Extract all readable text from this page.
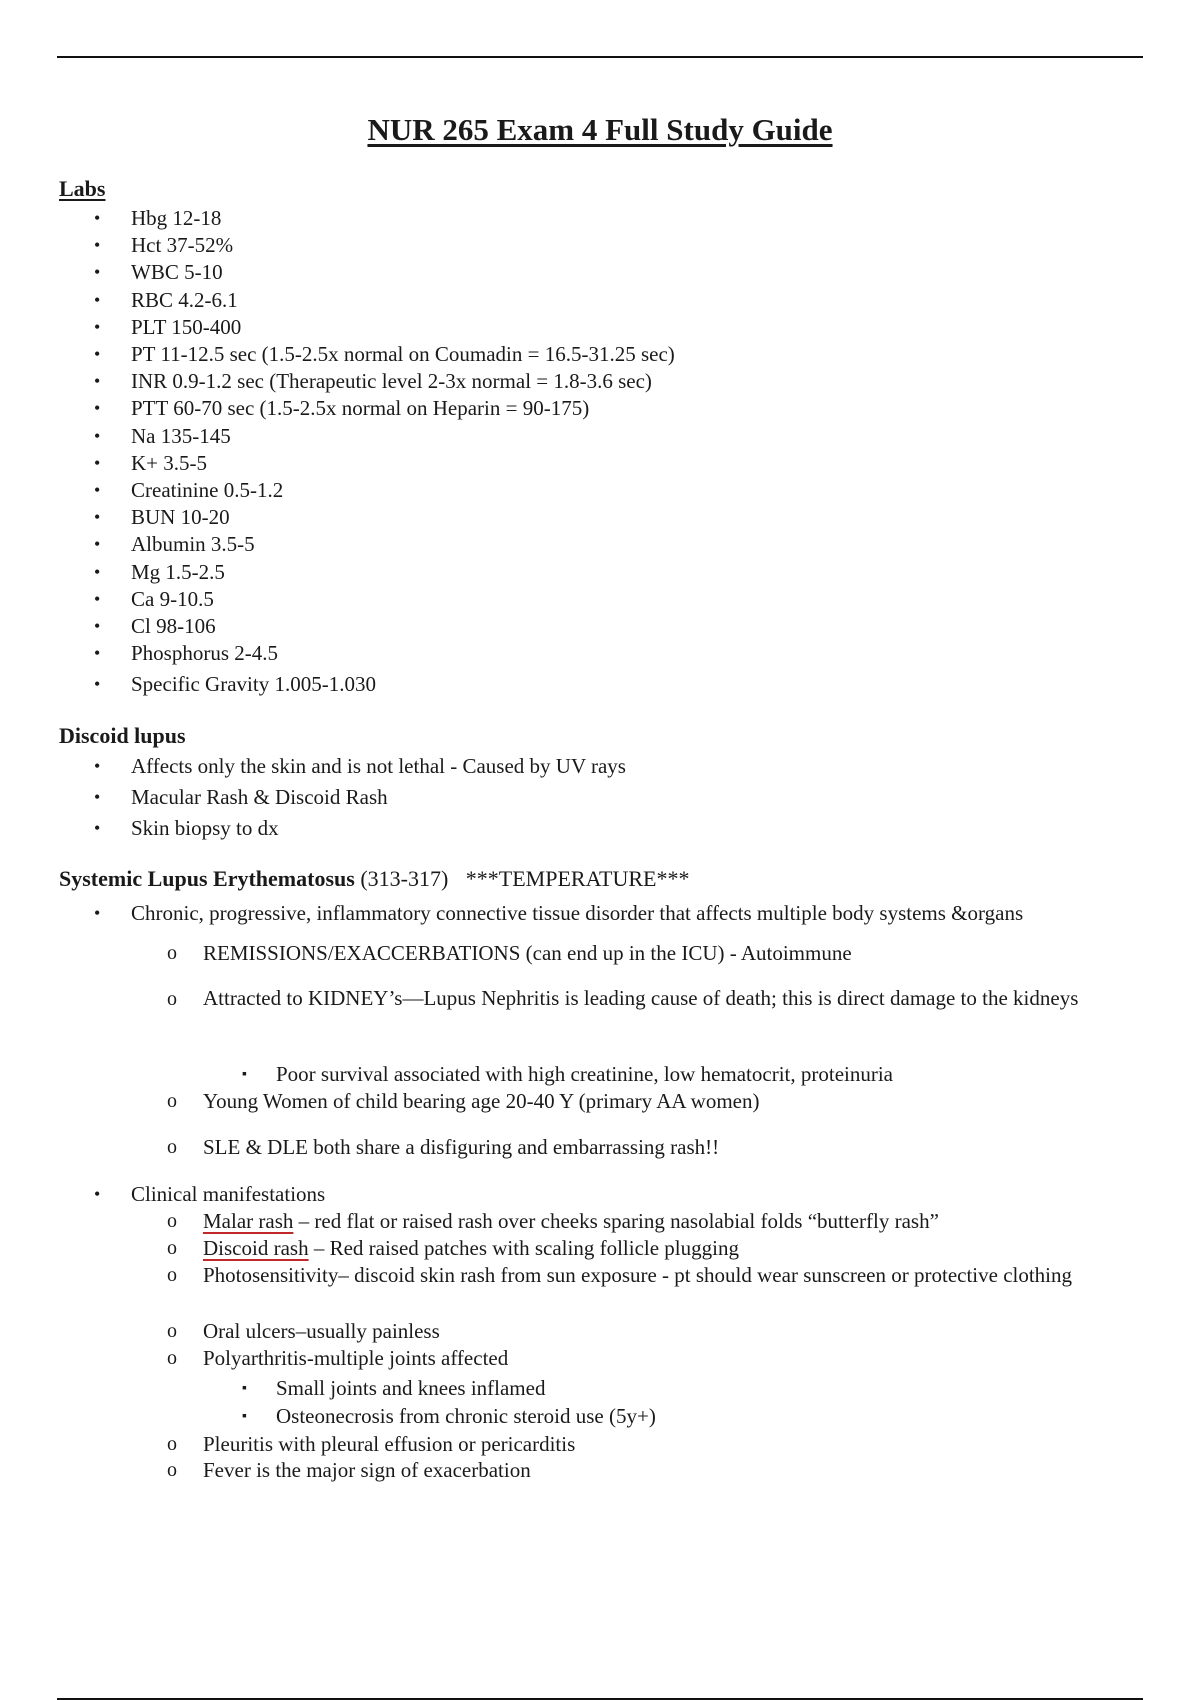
NUR 265 Exam 4 Full Study Guide
Labs
• Hbg 12-18
• Hct 37-52%
• WBC 5-10
• RBC 4.2-6.1
• PLT 150-400
• PT 11-12.5 sec (1.5-2.5x normal on Coumadin = 16.5-31.25 sec)
• INR 0.9-1.2 sec (Therapeutic level 2-3x normal = 1.8-3.6 sec)
• PTT 60-70 sec (1.5-2.5x normal on Heparin = 90-175)
• Na 135-145
• K+ 3.5-5
• Creatinine 0.5-1.2
• BUN 10-20
• Albumin 3.5-5
• Mg 1.5-2.5
• Ca 9-10.5
• Cl 98-106
• Phosphorus 2-4.5
• Specific Gravity 1.005-1.030
Discoid lupus
• Affects only the skin and is not lethal - Caused by UV rays
• Macular Rash & Discoid Rash
• Skin biopsy to dx
Systemic Lupus Erythematosus (313-317) ***TEMPERATURE***
• Chronic, progressive, inflammatory connective tissue disorder that affects multiple body systems &organs
o REMISSIONS/EXACCERBATIONS (can end up in the ICU) - Autoimmune
o Attracted to KIDNEY’s—Lupus Nephritis is leading cause of death; this is direct damage to the kidneys
▪ Poor survival associated with high creatinine, low hematocrit, proteinuria
o Young Women of child bearing age 20-40 Y (primary AA women)
o SLE & DLE both share a disfiguring and embarrassing rash!!
• Clinical manifestations
o Malar rash – red flat or raised rash over cheeks sparing nasolabial folds “butterfly rash”
o Discoid rash – Red raised patches with scaling follicle plugging
o Photosensitivity– discoid skin rash from sun exposure - pt should wear sunscreen or protective clothing
o Oral ulcers–usually painless
o Polyarthritis-multiple joints affected
▪ Small joints and knees inflamed
▪ Osteonecrosis from chronic steroid use (5y+)
o Pleuritis with pleural effusion or pericarditis
o Fever is the major sign of exacerbation
